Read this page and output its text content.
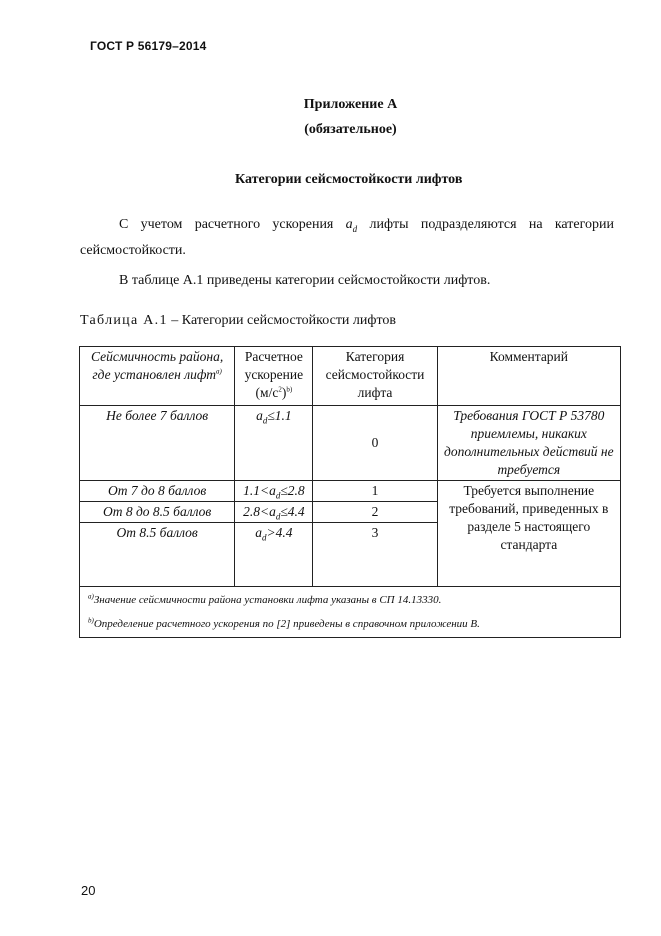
ГОСТ Р 56179–2014
Приложение А
(обязательное)
Категории сейсмостойкости лифтов
С учетом расчетного ускорения $a_d$ лифты подразделяются на категории сейсмостойкости.
В таблице А.1 приведены категории сейсмостойкости лифтов.
Таблица А.1 – Категории сейсмостойкости лифтов
Сейсмичность района, где установлен лифт$^{а)}$	Расчетное ускорение $(м/с^2)^{b)}$	Категория сейсмостойкости лифта	Комментарий
Не более 7 баллов	$a_d\le 1.1$	0	Требования ГОСТ Р 53780 приемлемы, никаких дополнительных действий не требуется
От 7 до 8 баллов	$1.1<a_d\le 2.8$	1	Требуется выполнение требований, приведенных в разделе 5 настоящего стандарта
От 8 до 8.5 баллов	$2.8<a_d\le 4.4$	2	
От 8.5 баллов	$a_d>4.4$	3	

$^{а)}$Значение сейсмичности района установки лифта указаны в СП 14.13330.
$^{b)}$Определение расчетного ускорения по [2] приведены в справочном приложении В.			
20
